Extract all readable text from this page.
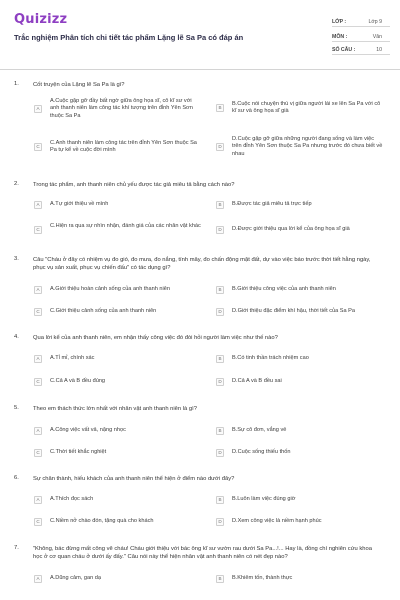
Quizizz
Trắc nghiệm Phân tích chi tiết tác phẩm Lặng lẽ Sa Pa có đáp án
LỚP :	Lớp 9
MÔN :	Văn
SỐ CÂU :	10
1. Cốt truyện của Lặng lẽ Sa Pa là gì?
A
A.Cuộc gặp gỡ đầy bất ngờ giữa ông họa sĩ, cô kĩ sư với anh thanh niên làm công tác khí tượng trên đỉnh Yên Sơn thuộc Sa Pa
B
B.Cuộc nói chuyện thú vị giữa người lái xe lên Sa Pa với cô kĩ sư và ông họa sĩ già
C
C.Anh thanh niên làm công tác trên đỉnh Yên Sơn thuộc Sa Pa tự kể về cuộc đời mình
D
D.Cuộc gặp gỡ giữa những người đang sống và làm việc trên đỉnh Yên Sơn thuộc Sa Pa nhưng trước đó chưa biết về nhau
2. Trong tác phẩm, anh thanh niên chủ yếu được tác giả miêu tả bằng cách nào?
A	A.Tự giới thiệu về mình	B	B.Được tác giả miêu tả trực tiếp
C
C.Hiện ra qua sự nhìn nhận, đánh giá của các nhân vật khác
D	D.Được giới thiệu qua lời kể của ông họa sĩ già
3. Câu "Cháu ở đây có nhiệm vụ đo gió, đo mưa, đo nắng, tính mây, đo chấn động mặt đất, dự vào việc báo trước thời tiết hằng ngày, phục vụ sản xuất, phục vụ chiến đấu" có tác dụng gì?
A	A.Giới thiệu hoàn cảnh sống của anh thanh niên	B	B.Giới thiệu công việc của anh thanh niên
C	C.Giới thiệu cảnh sống của anh thanh niên	D	D.Giới thiệu đặc điểm khí hậu, thời tiết của Sa Pa
4. Qua lời kể của anh thanh niên, em nhận thấy công việc đó đòi hỏi người làm việc như thế nào?
A	A.Tỉ mỉ, chính xác	B	B.Có tinh thần trách nhiệm cao
C	C.Cả A và B đều đúng	D	D.Cả A và B đều sai
5. Theo em thách thức lớn nhất với nhân vật anh thanh niên là gì?
A	A.Công việc vất vả, nặng nhọc	B	B.Sự cô đơn, vắng vẻ
C	C.Thời tiết khắc nghiệt	D	D.Cuộc sống thiếu thốn
6. Sự chân thành, hiếu khách của anh thanh niên thể hiện ở điểm nào dưới đây?
A	A.Thích đọc sách	B	B.Luôn làm việc đúng giờ
C	C.Niềm nở chào đón, tặng quà cho khách	D	D.Xem công việc là niềm hạnh phúc
7. "Không, bác đừng mất công vẽ cháu! Cháu giới thiệu với bác ông kĩ sư vườn rau dưới Sa Pa...!... Hay là, đồng chí nghiên cứu khoa học ở cơ quan cháu ở dưới ấy đấy." Câu nói này thể hiện nhân vật anh thanh niên có nét đẹp nào?
A	A.Dũng cảm, gan dạ	B	B.Khiêm tốn, thành thực
